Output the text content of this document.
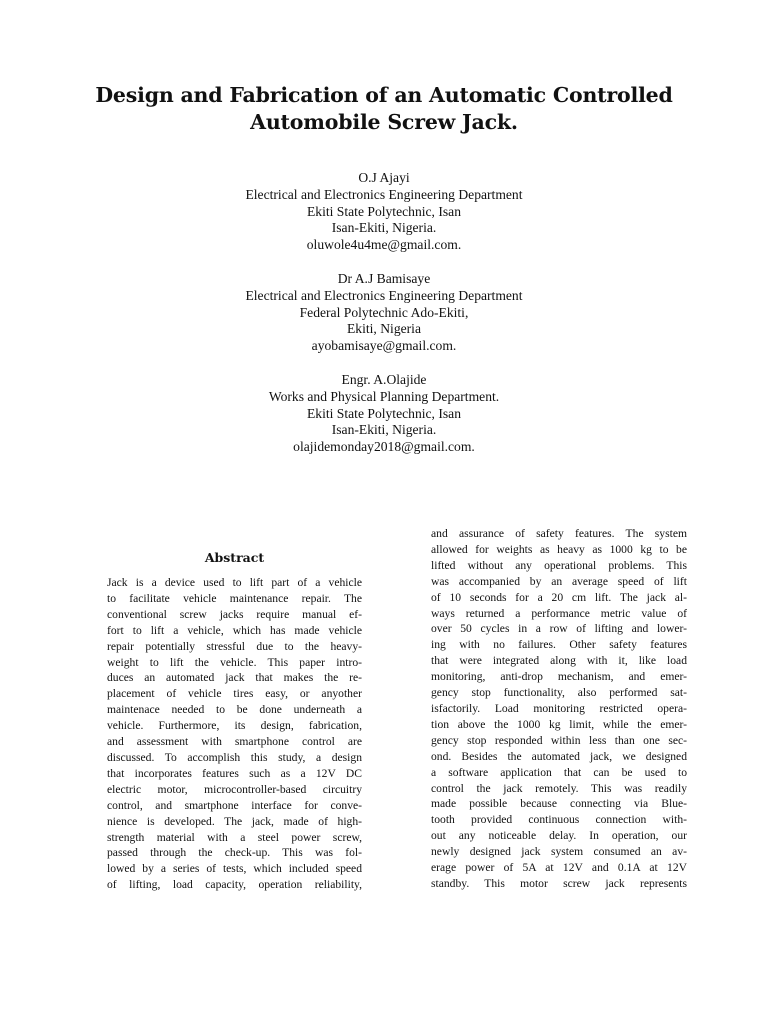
Design and Fabrication of an Automatic Controlled
Automobile Screw Jack.
O.J Ajayi
Electrical and Electronics Engineering Department
Ekiti State Polytechnic, Isan
Isan-Ekiti, Nigeria.
oluwole4u4me@gmail.com.
Dr A.J Bamisaye
Electrical and Electronics Engineering Department
Federal Polytechnic Ado-Ekiti,
Ekiti, Nigeria
ayobamisaye@gmail.com.
Engr. A.Olajide
Works and Physical Planning Department.
Ekiti State Polytechnic, Isan
Isan-Ekiti, Nigeria.
olajidemonday2018@gmail.com.
Abstract
Jack is a device used to lift part of a vehicle
to facilitate vehicle maintenance repair. The
conventional screw jacks require manual ef-
fort to lift a vehicle, which has made vehicle
repair potentially stressful due to the heavy-
weight to lift the vehicle. This paper intro-
duces an automated jack that makes the re-
placement of vehicle tires easy, or anyother
maintenace needed to be done underneath a
vehicle. Furthermore, its design, fabrication,
and assessment with smartphone control are
discussed. To accomplish this study, a design
that incorporates features such as a 12V DC
electric motor, microcontroller-based circuitry
control, and smartphone interface for conve-
nience is developed. The jack, made of high-
strength material with a steel power screw,
passed through the check-up. This was fol-
lowed by a series of tests, which included speed
of lifting, load capacity, operation reliability,
and assurance of safety features. The system
allowed for weights as heavy as 1000 kg to be
lifted without any operational problems. This
was accompanied by an average speed of lift
of 10 seconds for a 20 cm lift. The jack al-
ways returned a performance metric value of
over 50 cycles in a row of lifting and lower-
ing with no failures. Other safety features
that were integrated along with it, like load
monitoring, anti-drop mechanism, and emer-
gency stop functionality, also performed sat-
isfactorily. Load monitoring restricted opera-
tion above the 1000 kg limit, while the emer-
gency stop responded within less than one sec-
ond. Besides the automated jack, we designed
a software application that can be used to
control the jack remotely. This was readily
made possible because connecting via Blue-
tooth provided continuous connection with-
out any noticeable delay. In operation, our
newly designed jack system consumed an av-
erage power of 5A at 12V and 0.1A at 12V
standby. This motor screw jack represents
